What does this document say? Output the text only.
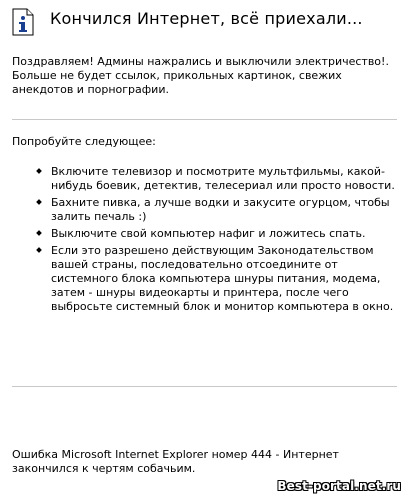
Кончился Интернет, всё приехали...
Поздравляем! Админы нажрались и выключили электричество!. Больше не будет ссылок, прикольных картинок, свежих анекдотов и порнографии.
Попробуйте следующее:
Включите телевизор и посмотрите мультфильмы, какой-нибудь боевик, детектив, телесериал или просто новости.
Бахните пивка, а лучше водки и закусите огурцом, чтобы залить печаль :)
Выключите свой компьютер нафиг и ложитесь спать.
Если это разрешено действующим Законодательством вашей страны, последовательно отсоедините от системного блока компьютера шнуры питания, модема, затем - шнуры видеокарты и принтера, после чего выбросьте системный блок и монитор компьютера в окно.
Ошибка Microsoft Internet Explorer номер 444 - Интернет закончился к чертям собачьим.
Best-portal.net.ru
